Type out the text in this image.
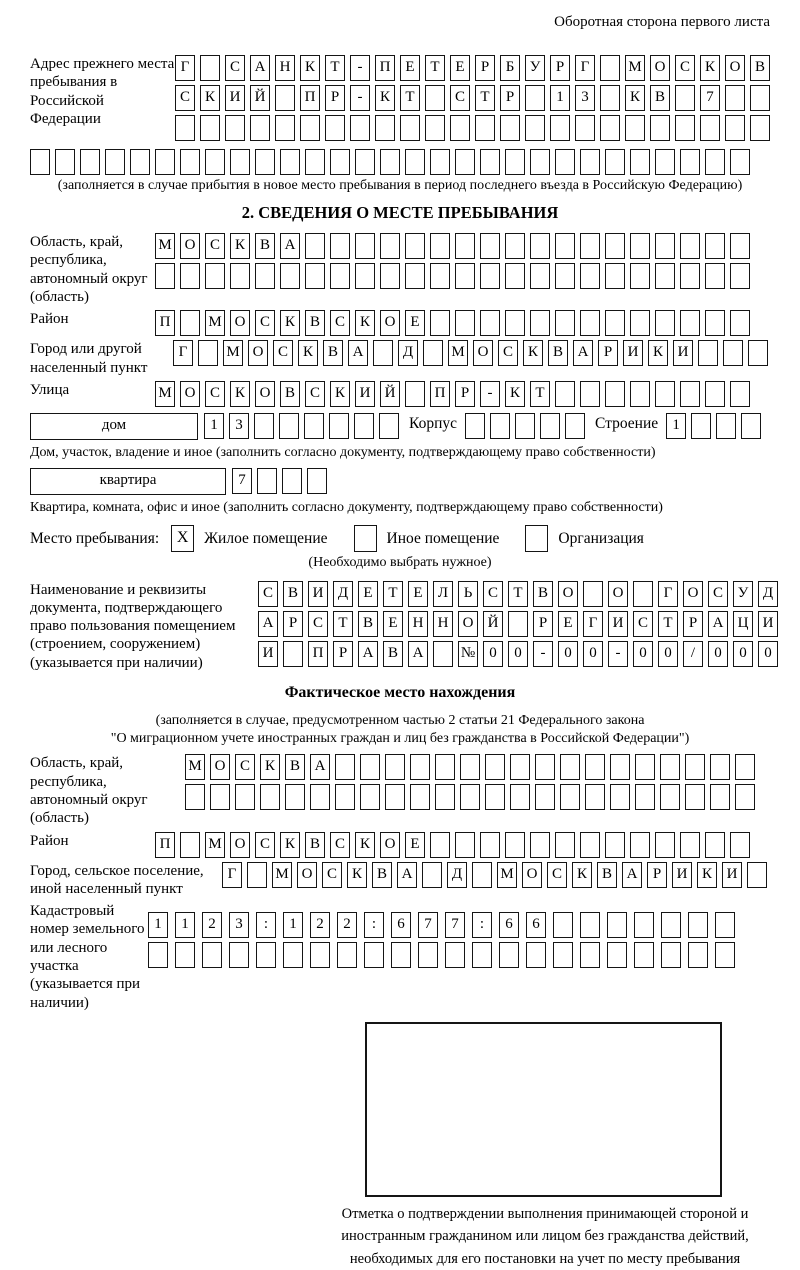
Оборотная сторона первого листа
Адрес прежнего места пребывания в Российской Федерации
Г	С А Н К	Т	-	П Е	Т	Е	Р	Б	У	Р	Г	М О С К О В
С К И Й	П	Р	-	К	Т	С	Т	Р	1	3	К В	7
(заполняется в случае прибытия в новое место пребывания в период последнего въезда в Российскую Федерацию)
2. СВЕДЕНИЯ О МЕСТЕ ПРЕБЫВАНИЯ
Область, край, республика, автономный округ (область)
М О С К В А
Район	П	М О С К В С К О Е
Город или другой населенный пункт
Г	М О С К В А	Д	М О С К В А	Р	И К И
Улица	М О С К О В С К И Й	П	Р	-	К	Т
дом	1	3	Корпус	Строение 1
Дом, участок, владение и иное (заполнить согласно документу, подтверждающему право собственности)
квартира	7
Квартира, комната, офис и иное (заполнить согласно документу, подтверждающему право собственности)
Место пребывания:	X	Жилое помещение	Иное помещение	Организация
(Необходимо выбрать нужное)
Наименование и реквизиты документа, подтверждающего право пользования помещением (строением, сооружением) (указывается при наличии)
С В И Д	Е	Т	Е	Л	Ь	С	Т	В О	О	Г	О С У Д
А	Р	С	Т	В	Е	Н Н О Й	Р	Е	Г	И С	Т	Р	А Ц И
И	П	Р	А В А	№ 0	0	-	0	0	-	0	0	/	0	0	0
Фактическое место нахождения
(заполняется в случае, предусмотренном частью 2 статьи 21 Федерального закона
"О миграционном учете иностранных граждан и лиц без гражданства в Российской Федерации")
Область, край, республика, автономный округ (область)
М О С К В А
Район	П	М О С К В С К О Е
Город, сельское поселение, иной населенный пункт
Г	М О С К В А	Д	М О С К В А	Р	И К И
Кадастровый номер земельного или лесного участка (указывается при наличии)
1	1	2	3	:	1	2	2	:	6	7	7	:	6	6
Отметка о подтверждении выполнения принимающей стороной и иностранным гражданином или лицом без гражданства действий, необходимых для его постановки на учет по месту пребывания
